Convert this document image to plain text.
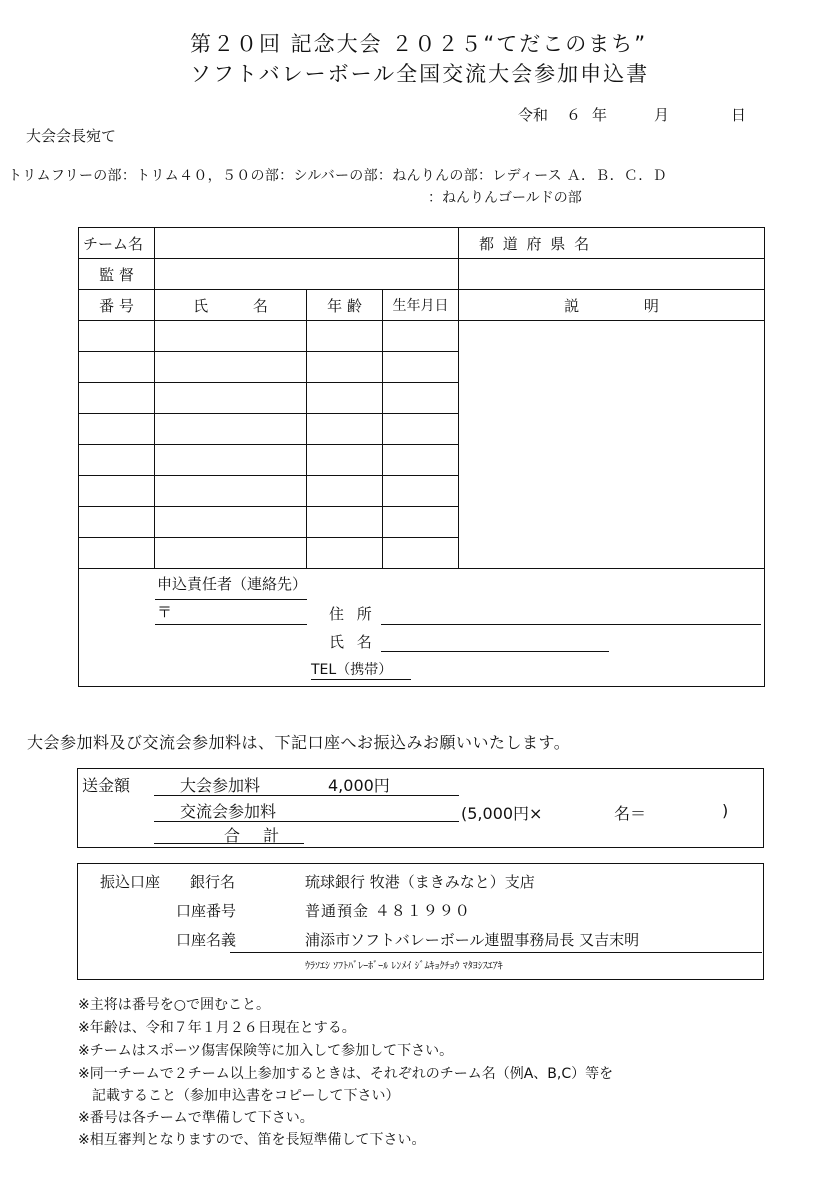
第２０回 記念大会 ２０２５“てだこのまち”
ソフトバレーボール全国交流大会参加申込書
令和 ６ 年	月	日
大会会長宛て
トリムフリーの部：トリム４０，５０の部：シルバーの部：ねんりんの部：レディース Ａ．Ｂ．Ｃ．Ｄ
：ねんりんゴールドの部
チーム名				都 道 府 県 名
監 督				
番 号	氏 名	年 齢	生年月日	説 明

申込責任者（連絡先）
〒 住 所
氏 名
TEL（携帯）				
大会参加料及び交流会参加料は、下記口座へお振込みお願いいたします。
送金額	大会参加料	4,000円
交流会参加料	(5,000円×	名＝	)
合 計
振込口座 銀行名	琉球銀行 牧港（まきみなと）支店
口座番号	普通預金 ４８１９９０
口座名義	浦添市ソフトバレーボール連盟事務局長 又吉末明
ｳﾗｿｴｼ ｿﾌﾄﾊﾞﾚｰﾎﾞｰﾙ ﾚﾝﾒｲ ｼﾞﾑｷｮｸﾁｮｳ ﾏﾀﾖｼｽｴｱｷ
※主将は番号を○で囲むこと。
※年齢は、令和７年１月２６日現在とする。
※チームはスポーツ傷害保険等に加入して参加して下さい。
※同一チームで２チーム以上参加するときは、それぞれのチーム名（例A、B,C）等を
　記載すること（参加申込書をコピーして下さい）
※番号は各チームで準備して下さい。
※相互審判となりますので、笛を長短準備して下さい。
